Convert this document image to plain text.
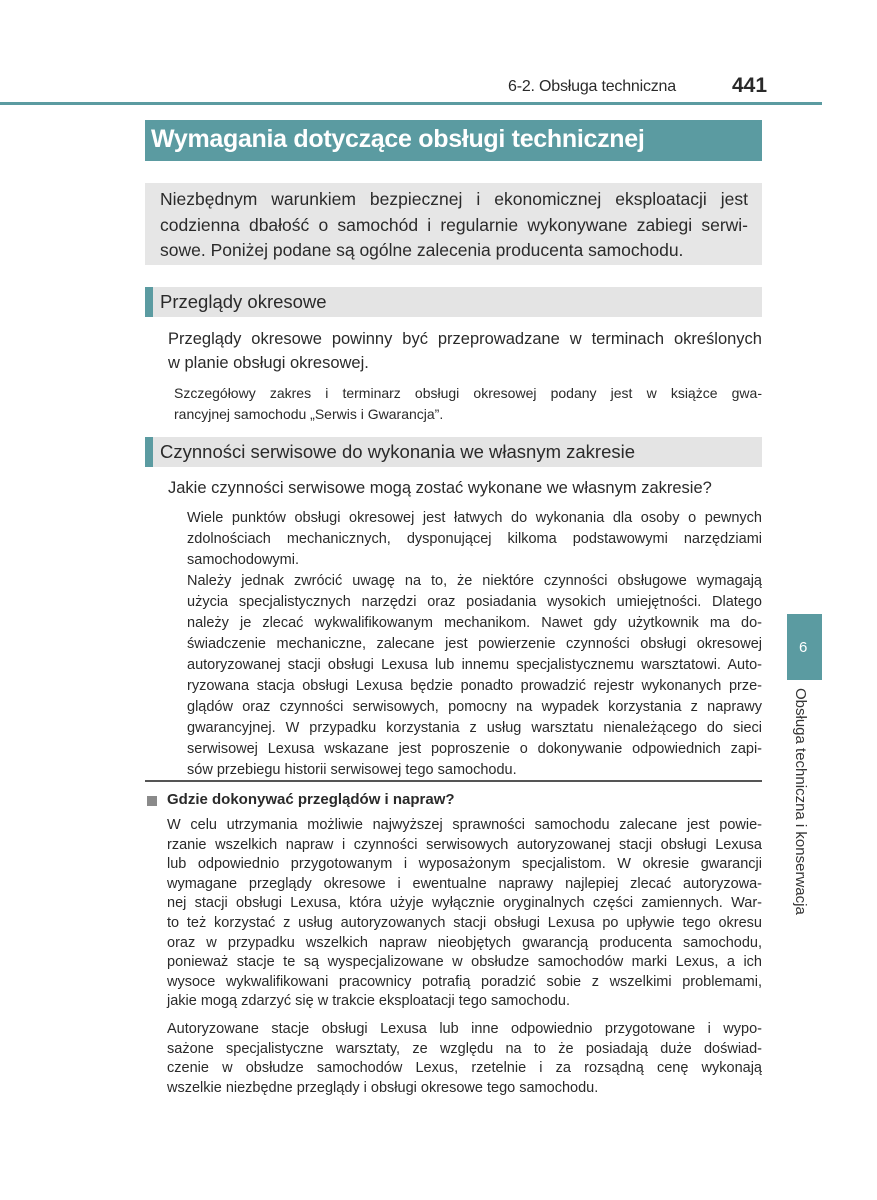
6-2. Obsługa techniczna	441
Wymagania dotyczące obsługi technicznej
Niezbędnym warunkiem bezpiecznej i ekonomicznej eksploatacji jest
codzienna dbałość o samochód i regularnie wykonywane zabiegi serwi-
sowe. Poniżej podane są ogólne zalecenia producenta samochodu.
Przeglądy okresowe
Przeglądy okresowe powinny być przeprowadzane w terminach określonych
w planie obsługi okresowej.
Szczegółowy zakres i terminarz obsługi okresowej podany jest w książce gwa-
rancyjnej samochodu „Serwis i Gwarancja”.
Czynności serwisowe do wykonania we własnym zakresie
Jakie czynności serwisowe mogą zostać wykonane we własnym zakresie?
Wiele punktów obsługi okresowej jest łatwych do wykonania dla osoby o pewnych
zdolnościach mechanicznych, dysponującej kilkoma podstawowymi narzędziami
samochodowymi.
Należy jednak zwrócić uwagę na to, że niektóre czynności obsługowe wymagają
użycia specjalistycznych narzędzi oraz posiadania wysokich umiejętności. Dlatego
należy je zlecać wykwalifikowanym mechanikom. Nawet gdy użytkownik ma do-
świadczenie mechaniczne, zalecane jest powierzenie czynności obsługi okresowej
autoryzowanej stacji obsługi Lexusa lub innemu specjalistycznemu warsztatowi. Auto-
ryzowana stacja obsługi Lexusa będzie ponadto prowadzić rejestr wykonanych prze-
glądów oraz czynności serwisowych, pomocny na wypadek korzystania z naprawy
gwarancyjnej. W przypadku korzystania z usług warsztatu nienależącego do sieci
serwisowej Lexusa wskazane jest poproszenie o dokonywanie odpowiednich zapi-
sów przebiegu historii serwisowej tego samochodu.
Gdzie dokonywać przeglądów i napraw?
W celu utrzymania możliwie najwyższej sprawności samochodu zalecane jest powie-
rzanie wszelkich napraw i czynności serwisowych autoryzowanej stacji obsługi Lexusa
lub odpowiednio przygotowanym i wyposażonym specjalistom. W okresie gwarancji
wymagane przeglądy okresowe i ewentualne naprawy najlepiej zlecać autoryzowa-
nej stacji obsługi Lexusa, która użyje wyłącznie oryginalnych części zamiennych. War-
to też korzystać z usług autoryzowanych stacji obsługi Lexusa po upływie tego okresu
oraz w przypadku wszelkich napraw nieobjętych gwarancją producenta samochodu,
ponieważ stacje te są wyspecjalizowane w obsłudze samochodów marki Lexus, a ich
wysoce wykwalifikowani pracownicy potrafią poradzić sobie z wszelkimi problemami,
jakie mogą zdarzyć się w trakcie eksploatacji tego samochodu.
Autoryzowane stacje obsługi Lexusa lub inne odpowiednio przygotowane i wypo-
sażone specjalistyczne warsztaty, ze względu na to że posiadają duże doświad-
czenie w obsłudze samochodów Lexus, rzetelnie i za rozsądną cenę wykonają
wszelkie niezbędne przeglądy i obsługi okresowe tego samochodu.
6
Obsługa techniczna i konserwacja
